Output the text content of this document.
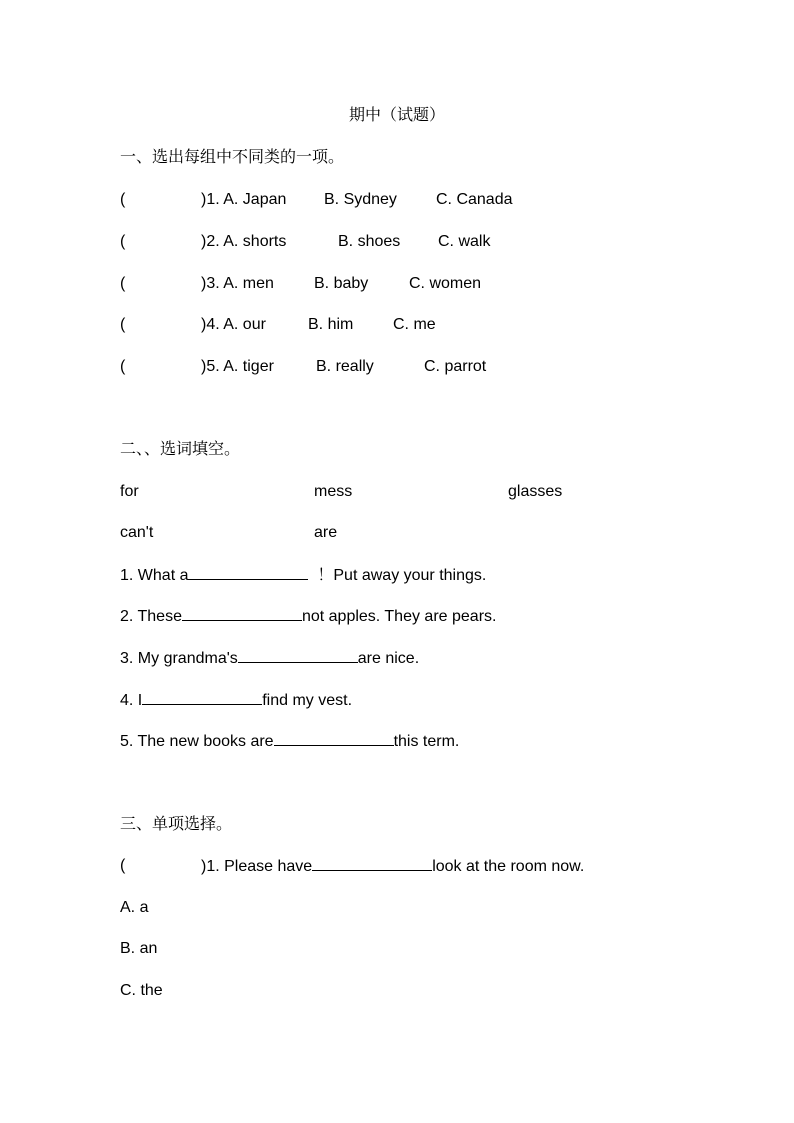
期中（试题）
一、选出每组中不同类的一项。
(	)1. A. Japan B. Sydney C. Canada
(	)2. A. shorts	B. shoes C. walk
(	)3. A. men	B. baby	C. women
(	)4. A. our	B. him C. me
(	)5. A. tiger	B. really	C. parrot
二、、选词填空。
for	mess	glasses
can't	are
1. What a	！Put away your things.
2. These	not apples. They are pears.
3. My grandma's	are nice.
4. I	find my vest.
5. The new books are	this term.
三、单项选择。
(	)1. Please have	look at the room now.
A. a
B. an
C. the
